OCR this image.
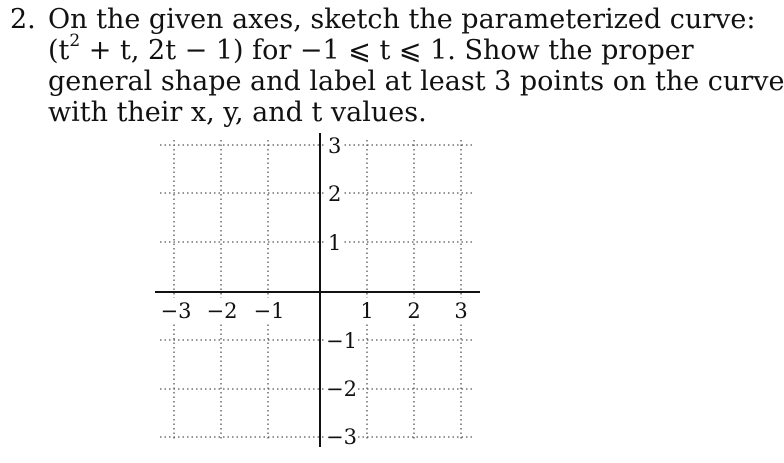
2. On the given axes, sketch the parameterized curve:
($t^2 + t$, 2t − 1) for −1 ⩽ t ⩽ 1. Show the proper
general shape and label at least 3 points on the curve
with their x, y, and t values.
−3 −2 −1	1 2 3
3
2
1
−1
−2
−3
